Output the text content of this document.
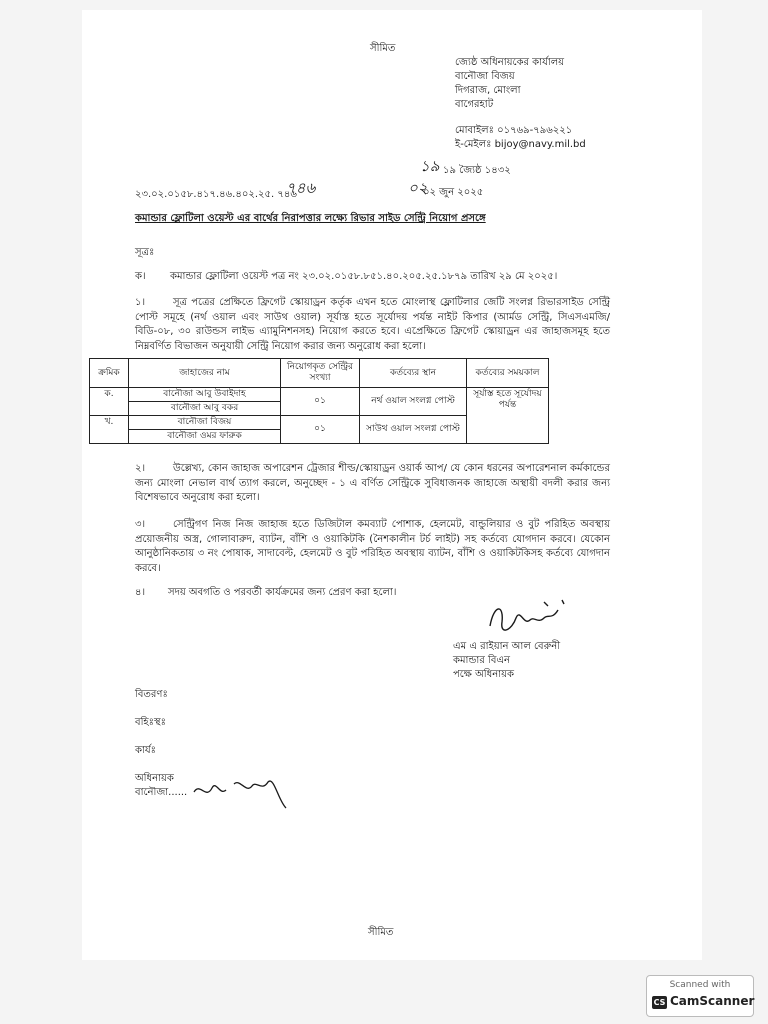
সীমিত
জ্যেষ্ঠ অধিনায়কের কার্যালয়
বানৌজা বিজয়
দিগরাজ, মোংলা
বাগেরহাট
মোবাইলঃ ০১৭৬৯-৭৯৬২২১
ই-মেইলঃ bijoy@navy.mil.bd
১৯ জ্যৈষ্ঠ ১৪৩২
০২ জুন ২০২৫
২৩.০২.০১৫৮.৪১৭.৪৬.৪০২.২৫. ৭৪৬
কমান্ডার ফ্লোটিলা ওয়েস্ট এর বার্থের নিরাপত্তার লক্ষ্যে রিভার সাইড সেন্ট্রি নিয়োগ প্রসঙ্গে
সূত্রঃ
ক। কমান্ডার ফ্লোটিলা ওয়েস্ট পত্র নং ২৩.০২.০১৫৮.৮৫১.৪০.২০৫.২৫.১৮৭৯ তারিখ ২৯ মে ২০২৫।
১।	সূত্র পত্রের প্রেক্ষিতে ফ্রিগেট স্কোয়াড্রন কর্তৃক এখন হতে মোংলাস্থ ফ্লোটিলার জেটি সংলগ্ন রিভারসাইড সেন্ট্রি পোস্ট সমূহে (নর্থ ওয়াল এবং সাউথ ওয়াল) সূর্যাস্ত হতে সূর্যোদয় পর্যন্ত নাইট কিপার (আর্মড সেন্ট্রি, সিএসএমজি/বিডি-০৮, ৩০ রাউন্ডস লাইভ এ্যামুনিশনসহ) নিয়োগ করতে হবে। এপ্রেক্ষিতে ফ্রিগেট স্কোয়াড্রন এর জাহাজসমূহ হতে নিম্নবর্ণিত বিভাজন অনুযায়ী সেন্ট্রি নিয়োগ করার জন্য অনুরোধ করা হলো।
ক্রমিক	জাহাজের নাম	নিয়োগকৃত সেন্ট্রির সংখ্যা	কর্তব্যের স্থান	কর্তব্যের সময়কাল
ক.	বানৌজা আবু উবাইদাহ	০১	নর্থ ওয়াল সংলগ্ন পোস্ট	সূর্যাস্ত হতে সূর্যোদয় পর্যন্ত
	বানৌজা আবু বকর			
খ.	বানৌজা বিজয়	০১	সাউথ ওয়াল সংলগ্ন পোস্ট	
	বানৌজা ওমর ফারুক			
২।	উল্লেখ্য, কোন জাহাজ অপারেশন ট্রেজার শীল্ড/স্কোয়াড্রন ওয়ার্ক আপ/ যে কোন ধরনের অপারেশনাল কর্মকান্ডের জন্য মোংলা নেভাল বার্থ ত্যাগ করলে, অনুচ্ছেদ - ১ এ বর্ণিত সেন্ট্রিকে সুবিধাজনক জাহাজে অস্থায়ী বদলী করার জন্য বিশেষভাবে অনুরোধ করা হলো।
৩।	সেন্ট্রিগণ নিজ নিজ জাহাজ হতে ডিজিটাল কমব্যাট পোশাক, হেলমেট, বান্ডুলিয়ার ও বুট পরিহিত অবস্থায় প্রয়োজনীয় অস্ত্র, গোলাবারুদ, ব্যাটন, বাঁশি ও ওয়াকিটকি (নৈশকালীন টর্চ লাইট) সহ কর্তব্যে যোগদান করবে। যেকোন আনুষ্ঠানিকতায় ৩ নং পোষাক, সাদাবেল্ট, হেলমেট ও বুট পরিহিত অবস্থায় ব্যাটন, বাঁশি ও ওয়াকিটকিসহ কর্তব্যে যোগদান করবে।
৪। সদয় অবগতি ও পরবর্তী কার্যক্রমের জন্য প্রেরণ করা হলো।
এম এ রাইয়ান আল বেরুনী
কমান্ডার বিএন
পক্ষে অধিনায়ক
বিতরণঃ
বহিঃস্থঃ
কার্যঃ
অধিনায়ক
বানৌজা......
৭৪৬
১৯
০২
সীমিত
Scanned with
CS CamScanner
